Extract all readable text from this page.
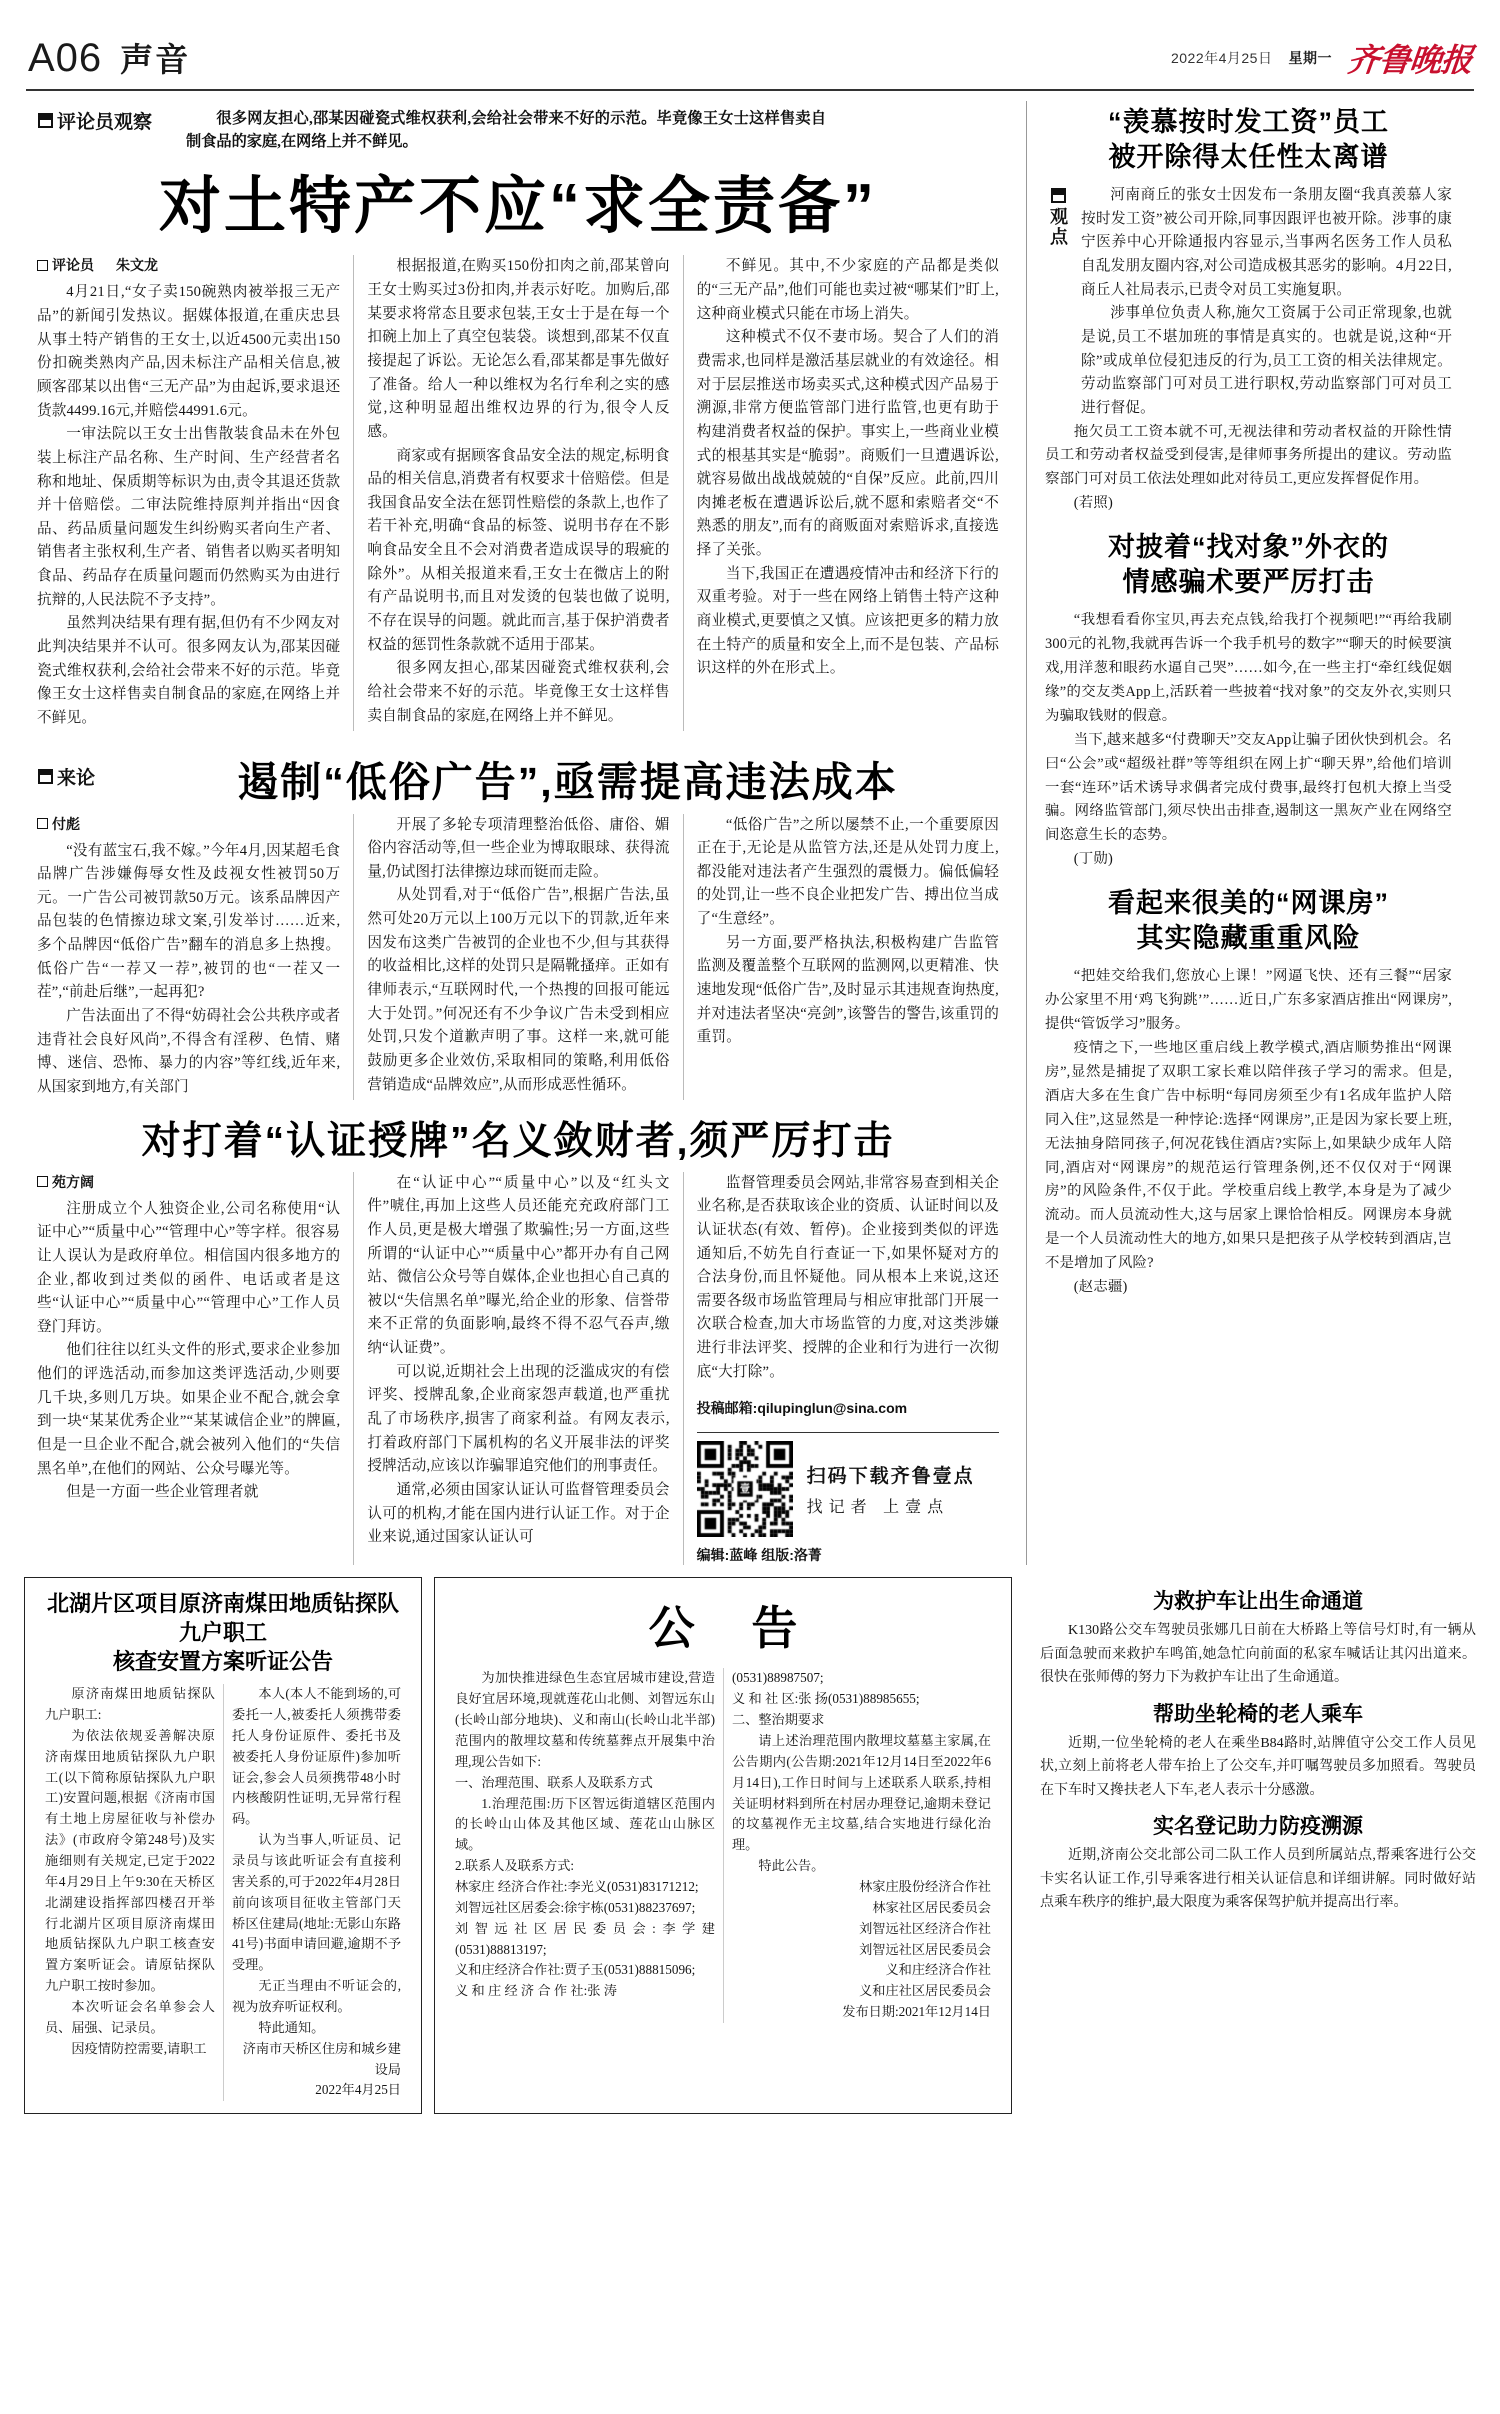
A06 声音	2022年4月25日 星期一 齐鲁晚报
评论员观察	很多网友担心,邵某因碰瓷式维权获利,会给社会带来不好的示范。毕竟像王女士这样售卖自制食品的家庭,在网络上并不鲜见。
对土特产不应“求全责备”
评论员 朱文龙

4月21日,“女子卖150碗熟肉被举报三无产品”的新闻引发热议。据媒体报道,在重庆忠县从事土特产销售的王女士,以近4500元卖出150份扣碗类熟肉产品,因未标注产品相关信息,被顾客邵某以出售“三无产品”为由起诉,要求退还货款4499.16元,并赔偿44991.6元。

一审法院以王女士出售散装食品未在外包装上标注产品名称、生产时间、生产经营者名称和地址、保质期等标识为由,责令其退还货款并十倍赔偿。二审法院维持原判并指出“因食品、药品质量问题发生纠纷购买者向生产者、销售者主张权利,生产者、销售者以购买者明知食品、药品存在质量问题而仍然购买为由进行抗辩的,人民法院不予支持”。

虽然判决结果有理有据,但仍有不少网友对此判决结果并不认可。很多网友认为,邵某因碰瓷式维权获利,会给社会带来不好的示范。毕竟像王女士这样售卖自制食品的家庭,在网络上并不鲜见。

根据报道,在购买150份扣肉之前,邵某曾向王女士购买过3份扣肉,并表示好吃。加购后,邵某要求将常态且要求包装,王女士于是在每一个扣碗上加上了真空包装袋。谈想到,邵某不仅直接提起了诉讼。无论怎么看,邵某都是事先做好了准备。给人一种以维权为名行牟利之实的感觉,这种明显超出维权边界的行为,很令人反感。

商家或有据顾客食品安全法的规定,标明食品的相关信息,消费者有权要求十倍赔偿。但是我国食品安全法在惩罚性赔偿的条款上,也作了若干补充,明确“食品的标签、说明书存在不影响食品安全且不会对消费者造成误导的瑕疵的除外”。从相关报道来看,王女士在微店上的附有产品说明书,而且对发烫的包装也做了说明,不存在误导的问题。就此而言,基于保护消费者权益的惩罚性条款就不适用于邵某。

很多网友担心,邵某因碰瓷式维权获利,会给社会带来不好的示范。毕竟像王女士这样售卖自制食品的家庭,在网络上并不鲜见。

不鲜见。其中,不少家庭的产品都是类似的“三无产品”,他们可能也卖过被“哪某们”盯上,这种商业模式只能在市场上消失。

这种模式不仅不妻市场。契合了人们的消费需求,也同样是激活基层就业的有效途径。相对于层层推送市场卖买式,这种模式因产品易于溯源,非常方便监管部门进行监管,也更有助于构建消费者权益的保护。事实上,一些商业业模式的根基其实是“脆弱”。商贩们一旦遭遇诉讼,就容易做出战战兢兢的“自保”反应。此前,四川肉摊老板在遭遇诉讼后,就不愿和索赔者交“不熟悉的朋友”,而有的商贩面对索赔诉求,直接选择了关张。

当下,我国正在遭遇疫情冲击和经济下行的双重考验。对于一些在网络上销售土特产这种商业模式,更要慎之又慎。应该把更多的精力放在土特产的质量和安全上,而不是包装、产品标识这样的外在形式上。

来论	遏制“低俗广告”,亟需提高违法成本
付彪

“没有蓝宝石,我不嫁。”今年4月,因某超毛食品牌广告涉嫌侮辱女性及歧视女性被罚50万元。一广告公司被罚款50万元。该系品牌因产品包装的色情擦边球文案,引发举讨……近来,多个品牌因“低俗广告”翻车的消息多上热搜。低俗广告“一荐又一荐”,被罚的也“一茬又一茬”,“前赴后继”,一起再犯?

广告法面出了不得“妨碍社会公共秩序或者违背社会良好风尚”,不得含有淫秽、色情、赌博、迷信、恐怖、暴力的内容”等红线,近年来,从国家到地方,有关部门

开展了多轮专项清理整治低俗、庸俗、媚俗内容活动等,但一些企业为博取眼球、获得流量,仍试图打法律擦边球而铤而走险。

从处罚看,对于“低俗广告”,根据广告法,虽然可处20万元以上100万元以下的罚款,近年来因发布这类广告被罚的企业也不少,但与其获得的收益相比,这样的处罚只是隔靴搔痒。正如有律师表示,“互联网时代,一个热搜的回报可能远大于处罚。”何况还有不少争议广告未受到相应处罚,只发个道歉声明了事。这样一来,就可能鼓励更多企业效仿,采取相同的策略,利用低俗营销造成“品牌效应”,从而形成恶性循环。

“低俗广告”之所以屡禁不止,一个重要原因正在于,无论是从监管方法,还是从处罚力度上,都没能对违法者产生强烈的震慑力。偏低偏轻的处罚,让一些不良企业把发广告、搏出位当成了“生意经”。

另一方面,要严格执法,积极构建广告监管监测及覆盖整个互联网的监测网,以更精准、快速地发现“低俗广告”,及时显示其违规查询热度,并对违法者坚决“亮剑”,该警告的警告,该重罚的重罚。

对打着“认证授牌”名义敛财者,须严厉打击
苑方阔

注册成立个人独资企业,公司名称使用“认证中心”“质量中心”“管理中心”等字样。很容易让人误认为是政府单位。相信国内很多地方的企业,都收到过类似的函件、电话或者是这些“认证中心”“质量中心”“管理中心”工作人员登门拜访。

他们往往以红头文件的形式,要求企业参加他们的评选活动,而参加这类评选活动,少则要几千块,多则几万块。如果企业不配合,就会拿到一块“某某优秀企业”“某某诚信企业”的牌匾,但是一旦企业不配合,就会被列入他们的“失信黑名单”,在他们的网站、公众号曝光等。

但是一方面一些企业管理者就

在“认证中心”“质量中心”以及“红头文件”唬住,再加上这些人员还能充充政府部门工作人员,更是极大增强了欺骗性;另一方面,这些所谓的“认证中心”“质量中心”都开办有自己网站、微信公众号等自媒体,企业也担心自己真的被以“失信黑名单”曝光,给企业的形象、信誉带来不正常的负面影响,最终不得不忍气吞声,缴纳“认证费”。

可以说,近期社会上出现的泛滥成灾的有偿评奖、授牌乱象,企业商家怨声载道,也严重扰乱了市场秩序,损害了商家利益。有网友表示,打着政府部门下属机构的名义开展非法的评奖授牌活动,应该以诈骗罪追究他们的刑事责任。

通常,必须由国家认证认可监督管理委员会认可的机构,才能在国内进行认证工作。对于企业来说,通过国家认证认可

监督管理委员会网站,非常容易查到相关企业名称,是否获取该企业的资质、认证时间以及认证状态(有效、暂停)。企业接到类似的评选通知后,不妨先自行查证一下,如果怀疑对方的合法身份,而且怀疑他。同从根本上来说,这还需要各级市场监管理局与相应审批部门开展一次联合检查,加大市场监管的力度,对这类涉嫌进行非法评奖、授牌的企业和行为进行一次彻底“大打除”。

投稿邮箱:qilupinglun@sina.com
扫码下载齐鲁壹点
找记者 上壹点
编辑:蓝峰 组版:洛菁
“羡慕按时发工资”员工
被开除得太任性太离谱
观点

河南商丘的张女士因发布一条朋友圈“我真羡慕人家按时发工资”被公司开除,同事因跟评也被开除。涉事的康宁医养中心开除通报内容显示,当事两名医务工作人员私自乱发朋友圈内容,对公司造成极其恶劣的影响。4月22日,商丘人社局表示,已责令对员工实施复职。

涉事单位负责人称,施欠工资属于公司正常现象,也就是说,员工不堪加班的事情是真实的。也就是说,这种“开除”或成单位侵犯违反的行为,员工工资的相关法律规定。劳动监察部门可对员工进行职权,劳动监察部门可对员工进行督促。

拖欠员工工资本就不可,无视法律和劳动者权益的开除性情员工和劳动者权益受到侵害,是律师事务所提出的建议。劳动监察部门可对员工依法处理如此对待员工,更应发挥督促作用。

(若照)

对披着“找对象”外衣的
情感骗术要严厉打击

“我想看看你宝贝,再去充点钱,给我打个视频吧!”“再给我刷300元的礼物,我就再告诉一个我手机号的数字”“聊天的时候要演戏,用洋葱和眼药水逼自己哭”……如今,在一些主打“牵红线促姻缘”的交友类App上,活跃着一些披着“找对象”的交友外衣,实则只为骗取钱财的假意。

当下,越来越多“付费聊天”交友App让骗子团伙快到机会。名曰“公会”或“超级社群”等等组织在网上扩“聊天界”,给他们培训一套“连环”话术诱导求偶者完成付费事,最终打包机大撩上当受骗。网络监管部门,须尽快出击排查,遏制这一黑灰产业在网络空间恣意生长的态势。

(丁勋)

看起来很美的“网课房”
其实隐藏重重风险

“把娃交给我们,您放心上课！”网逼飞快、还有三餐”“居家办公家里不用‘鸡飞狗跳’”……近日,广东多家酒店推出“网课房”,提供“管饭学习”服务。

疫情之下,一些地区重启线上教学模式,酒店顺势推出“网课房”,显然是捕捉了双职工家长难以陪伴孩子学习的需求。但是,酒店大多在生食广告中标明“每同房须至少有1名成年监护人陪同入住”,这显然是一种悖论:选择“网课房”,正是因为家长要上班,无法抽身陪同孩子,何况花钱住酒店?实际上,如果缺少成年人陪同,酒店对“网课房”的规范运行管理条例,还不仅仅对于“网课房”的风险条件,不仅于此。学校重启线上教学,本身是为了减少流动。而人员流动性大,这与居家上课恰恰相反。网课房本身就是一个人员流动性大的地方,如果只是把孩子从学校转到酒店,岂不是增加了风险?

(赵志疆)

北湖片区项目原济南煤田地质钻探队九户职工
核查安置方案听证公告

原济南煤田地质钻探队九户职工:

为依法依规妥善解决原济南煤田地质钻探队九户职工(以下简称原钻探队九户职工)安置问题,根据《济南市国有土地上房屋征收与补偿办法》(市政府令第248号)及实施细则有关规定,已定于2022年4月29日上午9:30在天桥区北湖建设指挥部四楼召开举行北湖片区项目原济南煤田地质钻探队九户职工核查安置方案听证会。请原钻探队九户职工按时参加。

本次听证会名单参会人员、届强、记录员。

因疫情防控需要,请职工

本人(本人不能到场的,可委托一人,被委托人须携带委托人身份证原件、委托书及被委托人身份证原件)参加听证会,参会人员须携带48小时内核酸阴性证明,无异常行程码。

认为当事人,听证员、记录员与该此听证会有直接利害关系的,可于2022年4月28日前向该项目征收主管部门天桥区住建局(地址:无影山东路41号)书面申请回避,逾期不予受理。

无正当理由不听证会的,视为放弃听证权利。

特此通知。

济南市天桥区住房和城乡建设局

2022年4月25日

公 告

为加快推进绿色生态宜居城市建设,营造良好宜居环境,现就莲花山北侧、刘智远东山(长岭山部分地块)、义和南山(长岭山北半部)范围内的散埋坟墓和传统墓葬点开展集中治理,现公告如下:

一、治理范围、联系人及联系方式

1.治理范围:历下区智远街道辖区范围内的长岭山山体及其他区域、莲花山山脉区域。

2.联系人及联系方式:

林家庄 经济合作社:李光义(0531)83171212;

刘智远社区居委会:徐宇栋(0531)88237697;

刘智远社区居民委员会:李学建(0531)88813197;

义和庄经济合作社:贾子玉(0531)88815096;

义 和 庄 经 济 合 作 社:张 涛

(0531)88987507;

义 和 社 区:张 扬(0531)88985655;

二、整治期要求

请上述治理范围内散埋坟墓墓主家属,在公告期内(公告期:2021年12月14日至2022年6月14日),工作日时间与上述联系人联系,持相关证明材料到所在村居办理登记,逾期未登记的坟墓视作无主坟墓,结合实地进行绿化治理。

特此公告。

林家庄股份经济合作社

林家社区居民委员会

刘智远社区经济合作社

刘智远社区居民委员会

义和庄经济合作社

义和庄社区居民委员会

发布日期:2021年12月14日

为救护车让出生命通道

K130路公交车驾驶员张娜几日前在大桥路上等信号灯时,有一辆从后面急驶而来救护车鸣笛,她急忙向前面的私家车喊话让其闪出道来。很快在张师傅的努力下为救护车让出了生命通道。

帮助坐轮椅的老人乘车

近期,一位坐轮椅的老人在乘坐B84路时,站牌值守公交工作人员见状,立刻上前将老人带车抬上了公交车,并叮嘱驾驶员多加照看。驾驶员在下车时又搀扶老人下车,老人表示十分感激。

实名登记助力防疫溯源

近期,济南公交北部公司二队工作人员到所属站点,帮乘客进行公交卡实名认证工作,引导乘客进行相关认证信息和详细讲解。同时做好站点乘车秩序的维护,最大限度为乘客保驾护航并提高出行率。
